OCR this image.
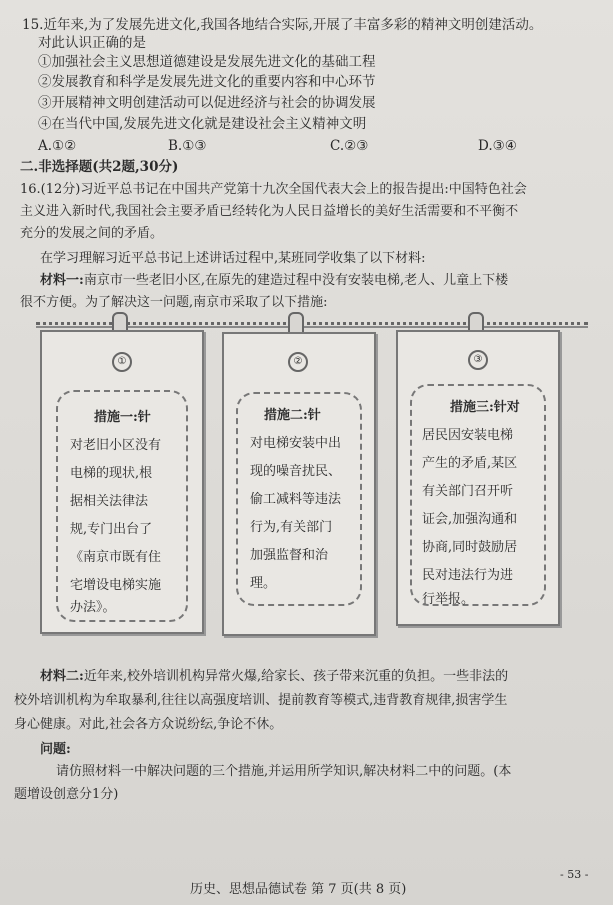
15.近年来,为了发展先进文化,我国各地结合实际,开展了丰富多彩的精神文明创建活动。
对此认识正确的是
①加强社会主义思想道德建设是发展先进文化的基础工程
②发展教育和科学是发展先进文化的重要内容和中心环节
③开展精神文明创建活动可以促进经济与社会的协调发展
④在当代中国,发展先进文化就是建设社会主义精神文明
A.①②	B.①③	C.②③	D.③④
二.非选择题(共2题,30分)
16.(12分)习近平总书记在中国共产党第十九次全国代表大会上的报告提出:中国特色社会
主义进入新时代,我国社会主要矛盾已经转化为人民日益增长的美好生活需要和不平衡不
充分的发展之间的矛盾。
在学习理解习近平总书记上述讲话过程中,某班同学收集了以下材料:
材料一:南京市一些老旧小区,在原先的建造过程中没有安装电梯,老人、儿童上下楼
很不方便。为了解决这一问题,南京市采取了以下措施:
①
措施一:针
对老旧小区没有
电梯的现状,根
据相关法律法
规,专门出台了
《南京市既有住
宅增设电梯实施
办法》。
②
措施二:针
对电梯安装中出
现的噪音扰民、
偷工减料等违法
行为,有关部门
加强监督和治
理。
③
措施三:针对
居民因安装电梯
产生的矛盾,某区
有关部门召开听
证会,加强沟通和
协商,同时鼓励居
民对违法行为进
行举报。
材料二:近年来,校外培训机构异常火爆,给家长、孩子带来沉重的负担。一些非法的
校外培训机构为牟取暴利,往往以高强度培训、提前教育等模式,违背教育规律,损害学生
身心健康。对此,社会各方众说纷纭,争论不休。
问题:
请仿照材料一中解决问题的三个措施,并运用所学知识,解决材料二中的问题。(本
题增设创意分1分)
历史、思想品德试卷 第 7 页(共 8 页)
- 53 -
